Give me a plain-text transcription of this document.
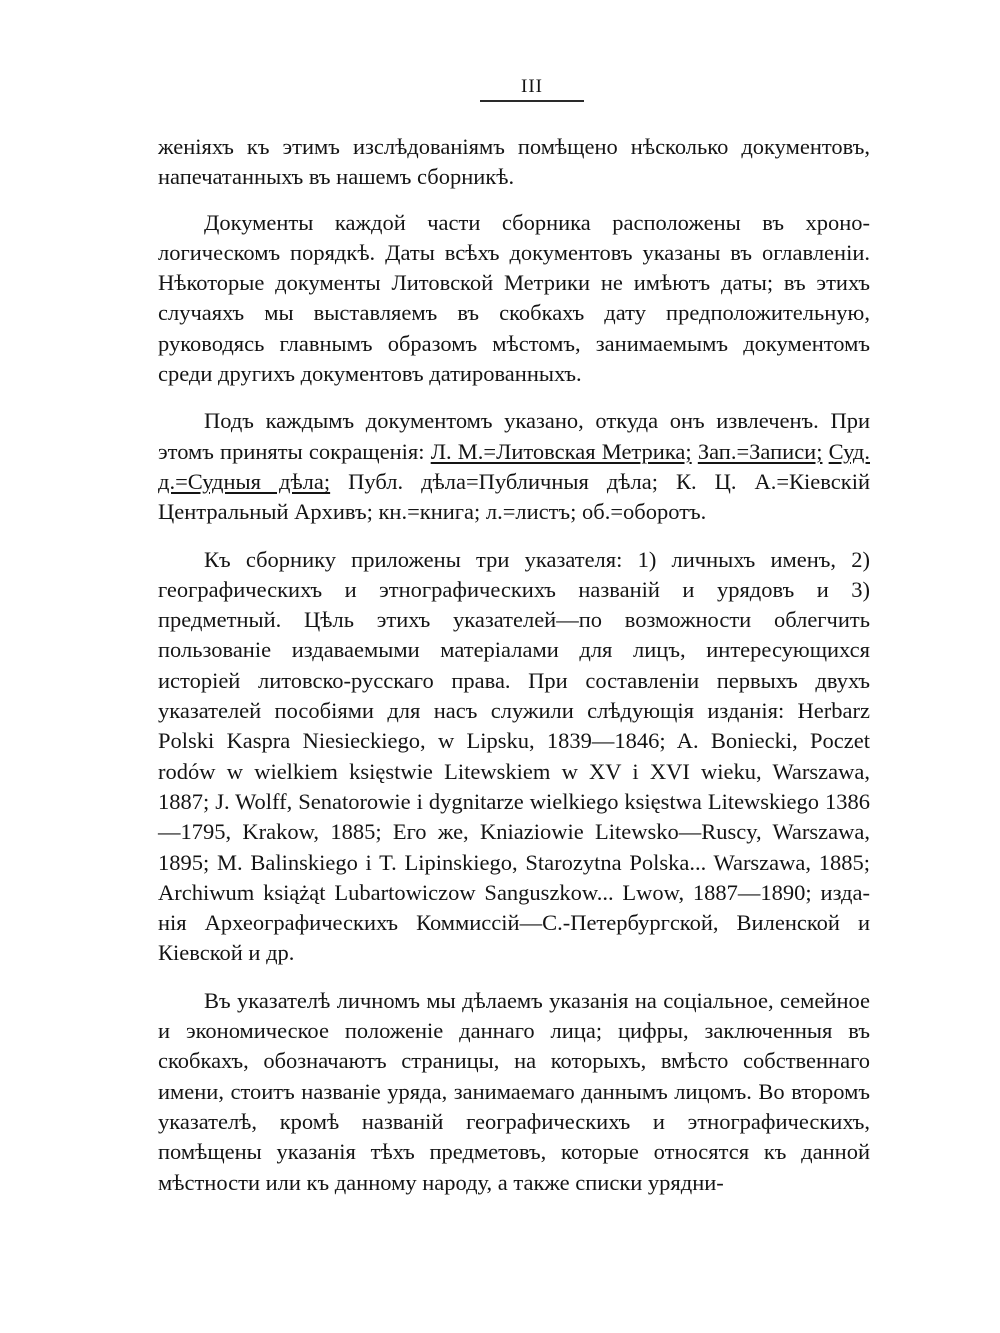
III

женiяхъ къ этимъ изслѣдованiямъ помѣщено нѣсколько документовъ, напечатанныхъ въ нашемъ сборникѣ.

Документы каждой части сборника расположены въ хронологическомъ порядкѣ. Даты всѣхъ документовъ указаны въ оглавленiи. Нѣкоторые документы Литовской Метрики не имѣютъ даты; въ этихъ случаяхъ мы выставляемъ въ скобкахъ дату предположительную, руководясь главнымъ образомъ мѣстомъ, занимаемымъ документомъ среди другихъ документовъ датированныхъ.

Подъ каждымъ документомъ указано, откуда онъ извлеченъ. При этомъ приняты сокращенiя: Л. М.=Литовская Метрика; Зап.=Записи; Суд. д.=Судныя дѣла; Публ. дѣла=Публичныя дѣла; К. Ц. А.=Кiевскiй Центральный Архивъ; кн.=книга; л.=листъ; об.=оборотъ.

Къ сборнику приложены три указателя: 1) личныхъ именъ, 2) географическихъ и этнографическихъ названiй и урядовъ и 3) предметный. Цѣль этихъ указателей—по возможности облегчить пользованiе издаваемыми матерiалами для лицъ, интересующихся исторiей литовско-русскаго права. При составленiи первыхъ двухъ указателей пособiями для насъ служили слѣдующiя изданiя: Herbarz Polski Kaspra Niesieckiego, w Lipsku, 1839—1846; A. Boniecki, Poczet rodów w wielkiem księstwie Litewskiem w XV i XVI wieku, Warszawa, 1887; J. Wolff, Senatorowie i dygnitarze wielkiego księstwa Litewskiego 1386—1795, Krakow, 1885; Его же, Kniaziowie Litewsko—Ruscy, Warszawa, 1895; M. Balinskiego i T. Lipinskiego, Starozytna Polska... Warszawa, 1885; Archiwum książąt Lubartowiczow Sanguszkow... Lwow, 1887—1890; изданiя Археографическихъ Коммиссiй—С.-Петербургской, Виленской и Кiевской и др.

Въ указателѣ личномъ мы дѣлаемъ указанiя на соцiальное, семейное и экономическое положенiе даннаго лица; цифры, заключенныя въ скобкахъ, обозначаютъ страницы, на которыхъ, вмѣсто собственнаго имени, стоитъ названiе уряда, занимаемаго даннымъ лицомъ. Во второмъ указателѣ, кромѣ названiй географическихъ и этнографическихъ, помѣщены указанiя тѣхъ предметовъ, которые относятся къ данной мѣстности или къ данному народу, а также списки урядни-
